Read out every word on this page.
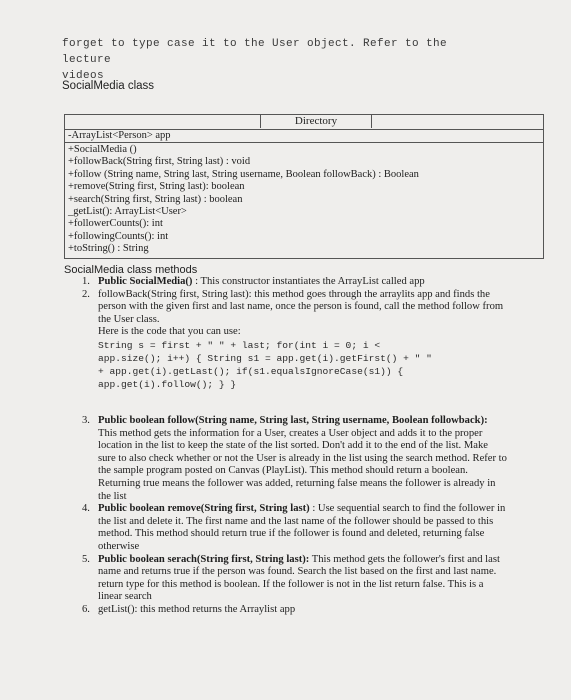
forget to type case it to the User object. Refer to the lecture
videos
SocialMedia class
Directory
-ArrayList<Person> app
+SocialMedia ()
+followBack(String first, String last) : void
+follow (String name, String last, String username, Boolean followBack) : Boolean
+remove(String first, String last): boolean
+search(String first, String last) : boolean
_getList(): ArrayList<User>
+followerCounts(): int
+followingCounts(): int
+toString() : String
SocialMedia class methods
1. Public SocialMedia() : This constructor instantiates the ArrayList called app
2. followBack(String first, String last): this method goes through the arraylits app and finds the person with the given first and last name, once the person is found, call the method follow from the User class.
Here is the code that you can use:
String s = first + " " + last; for(int i = 0; i <
app.size(); i++) { String s1 = app.get(i).getFirst() + " "
+ app.get(i).getLast(); if(s1.equalsIgnoreCase(s1)) {
app.get(i).follow(); } }
3. Public boolean follow(String name, String last, String username, Boolean followback): This method gets the information for a User, creates a User object and adds it to the proper location in the list to keep the state of the list sorted. Don't add it to the end of the list. Make sure to also check whether or not the User is already in the list using the search method. Refer to the sample program posted on Canvas (PlayList). This method should return a boolean. Returning true means the follower was added, returning false means the follower is already in the list
4. Public boolean remove(String first, String last) : Use sequential search to find the follower in the list and delete it. The first name and the last name of the follower should be passed to this method. This method should return true if the follower is found and deleted, returning false otherwise
5. Public boolean serach(String first, String last): This method gets the follower's first and last name and returns true if the person was found. Search the list based on the first and last name. return type for this method is boolean. If the follower is not in the list return false. This is a linear search
6. getList(): this method returns the Arraylist app
